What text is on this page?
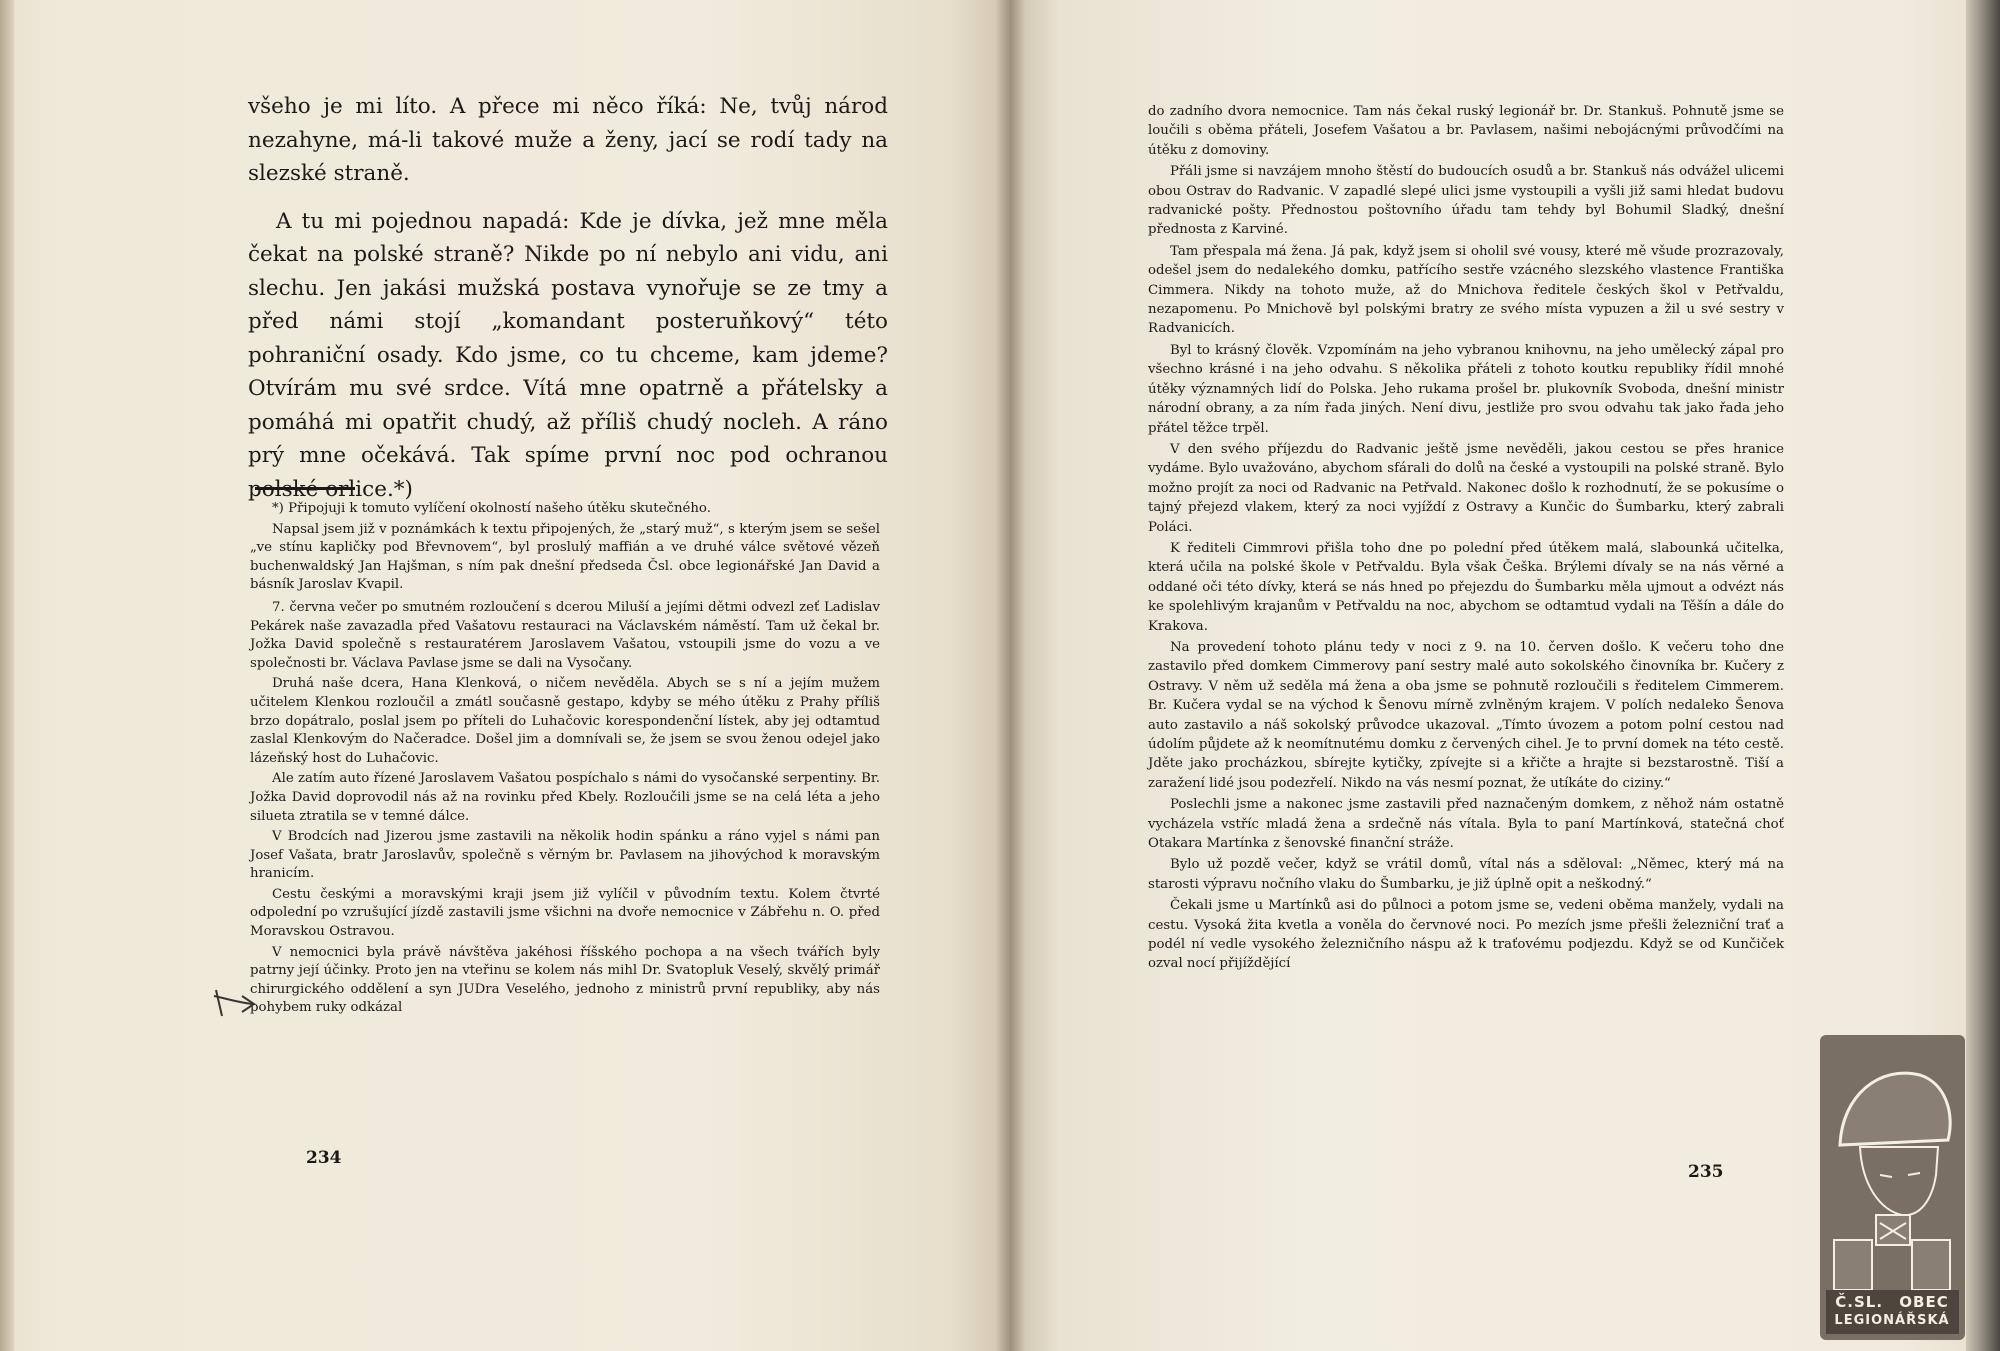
všeho je mi líto. A přece mi něco říká: Ne, tvůj národ nezahyne, má-li takové muže a ženy, jací se rodí tady na slezské straně.

A tu mi pojednou napadá: Kde je dívka, jež mne měla čekat na polské straně? Nikde po ní nebylo ani vidu, ani slechu. Jen jakási mužská postava vynořuje se ze tmy a před námi stojí „komandant posteruňkový“ této pohraniční osady. Kdo jsme, co tu chceme, kam jdeme? Otvírám mu své srdce. Vítá mne opatrně a přátelsky a pomáhá mi opatřit chudý, až příliš chudý nocleh. A ráno prý mne očekává. Tak spíme první noc pod ochranou polské orlice.*)

*) Připojuji k tomuto vylíčení okolností našeho útěku skutečného.

Napsal jsem již v poznámkách k textu připojených, že „starý muž“, s kterým jsem se sešel „ve stínu kapličky pod Břevnovem“, byl proslulý maffián a ve druhé válce světové vězeň buchenwaldský Jan Hajšman, s ním pak dnešní předseda Čsl. obce legionářské Jan David a básník Jaroslav Kvapil.

7. června večer po smutném rozloučení s dcerou Miluší a jejími dětmi odvezl zeť Ladislav Pekárek naše zavazadla před Vašatovu restauraci na Václavském náměstí. Tam už čekal br. Jožka David společně s restauratérem Jaroslavem Vašatou, vstoupili jsme do vozu a ve společnosti br. Václava Pavlase jsme se dali na Vysočany.

Druhá naše dcera, Hana Klenková, o ničem nevěděla. Abych se s ní a jejím mužem učitelem Klenkou rozloučil a zmátl současně gestapo, kdyby se mého útěku z Prahy příliš brzo dopátralo, poslal jsem po příteli do Luhačovic korespondenční lístek, aby jej odtamtud zaslal Klenkovým do Načeradce. Došel jim a domnívali se, že jsem se svou ženou odejel jako lázeňský host do Luhačovic.

Ale zatím auto řízené Jaroslavem Vašatou pospíchalo s námi do vysočanské serpentiny. Br. Jožka David doprovodil nás až na rovinku před Kbely. Rozloučili jsme se na celá léta a jeho silueta ztratila se v temné dálce.

V Brodcích nad Jizerou jsme zastavili na několik hodin spánku a ráno vyjel s námi pan Josef Vašata, bratr Jaroslavův, společně s věrným br. Pavlasem na jihovýchod k moravským hranicím.

Cestu českými a moravskými kraji jsem již vylíčil v původním textu. Kolem čtvrté odpolední po vzrušující jízdě zastavili jsme všichni na dvoře nemocnice v Zábřehu n. O. před Moravskou Ostravou.

V nemocnici byla právě návštěva jakéhosi říšského pochopa a na všech tvářích byly patrny její účinky. Proto jen na vteřinu se kolem nás mihl Dr. Svatopluk Veselý, skvělý primář chirurgického oddělení a syn JUDra Veselého, jednoho z ministrů první republiky, aby nás pohybem ruky odkázal

234

do zadního dvora nemocnice. Tam nás čekal ruský legionář br. Dr. Stankuš. Pohnutě jsme se loučili s oběma přáteli, Josefem Vašatou a br. Pavlasem, našimi nebojácnými průvodčími na útěku z domoviny.

Přáli jsme si navzájem mnoho štěstí do budoucích osudů a br. Stankuš nás odvážel ulicemi obou Ostrav do Radvanic. V zapadlé slepé ulici jsme vystoupili a vyšli již sami hledat budovu radvanické pošty. Přednostou poštovního úřadu tam tehdy byl Bohumil Sladký, dnešní přednosta z Karviné.

Tam přespala má žena. Já pak, když jsem si oholil své vousy, které mě všude prozrazovaly, odešel jsem do nedalekého domku, patřícího sestře vzácného slezského vlastence Františka Cimmera. Nikdy na tohoto muže, až do Mnichova ředitele českých škol v Petřvaldu, nezapomenu. Po Mnichově byl polskými bratry ze svého místa vypuzen a žil u své sestry v Radvanicích.

Byl to krásný člověk. Vzpomínám na jeho vybranou knihovnu, na jeho umělecký zápal pro všechno krásné i na jeho odvahu. S několika přáteli z tohoto koutku republiky řídil mnohé útěky významných lidí do Polska. Jeho rukama prošel br. plukovník Svoboda, dnešní ministr národní obrany, a za ním řada jiných. Není divu, jestliže pro svou odvahu tak jako řada jeho přátel těžce trpěl.

V den svého příjezdu do Radvanic ještě jsme nevěděli, jakou cestou se přes hranice vydáme. Bylo uvažováno, abychom sfárali do dolů na české a vystoupili na polské straně. Bylo možno projít za noci od Radvanic na Petřvald. Nakonec došlo k rozhodnutí, že se pokusíme o tajný přejezd vlakem, který za noci vyjíždí z Ostravy a Kunčic do Šumbarku, který zabrali Poláci.

K řediteli Cimmrovi přišla toho dne po polední před útěkem malá, slabounká učitelka, která učila na polské škole v Petřvaldu. Byla však Češka. Brýlemi dívaly se na nás věrné a oddané oči této dívky, která se nás hned po přejezdu do Šumbarku měla ujmout a odvézt nás ke spolehlivým krajanům v Petřvaldu na noc, abychom se odtamtud vydali na Těšín a dále do Krakova.

Na provedení tohoto plánu tedy v noci z 9. na 10. červen došlo. K večeru toho dne zastavilo před domkem Cimmerovy paní sestry malé auto sokolského činovníka br. Kučery z Ostravy. V něm už seděla má žena a oba jsme se pohnutě rozloučili s ředitelem Cimmerem. Br. Kučera vydal se na východ k Šenovu mírně zvlněným krajem. V polích nedaleko Šenova auto zastavilo a náš sokolský průvodce ukazoval. „Tímto úvozem a potom polní cestou nad údolím půjdete až k neomítnutému domku z červených cihel. Je to první domek na této cestě. Jděte jako procházkou, sbírejte kytičky, zpívejte si a křičte a hrajte si bezstarostně. Tiší a zaražení lidé jsou podezřelí. Nikdo na vás nesmí poznat, že utíkáte do ciziny.“

Poslechli jsme a nakonec jsme zastavili před naznačeným domkem, z něhož nám ostatně vycházela vstříc mladá žena a srdečně nás vítala. Byla to paní Martínková, statečná choť Otakara Martínka z šenovské finanční stráže.

Bylo už pozdě večer, když se vrátil domů, vítal nás a sděloval: „Němec, který má na starosti výpravu nočního vlaku do Šumbarku, je již úplně opit a neškodný.“

Čekali jsme u Martínků asi do půlnoci a potom jsme se, vedeni oběma manžely, vydali na cestu. Vysoká žita kvetla a voněla do červnové noci. Po mezích jsme přešli železniční trať a podél ní vedle vysokého železničního náspu až k traťovému podjezdu. Když se od Kunčiček ozval nocí přijíždějící

235
Č.SL. OBEC
LEGIONÁŘSKÁ
